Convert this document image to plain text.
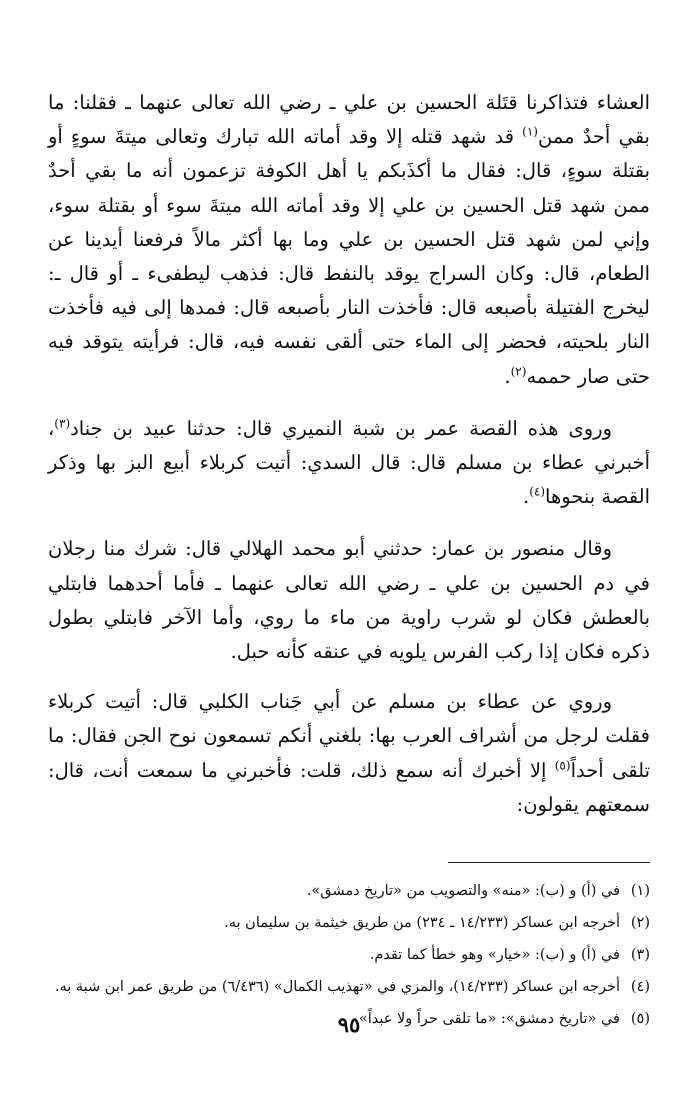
العشاء فتذاكرنا قتَلة الحسين بن علي ـ رضي الله تعالى عنهما ـ فقلنا: ما بقي أحدٌ ممن$^{(١)}$ قد شهد قتله إلا وقد أماته الله تبارك وتعالى ميتةَ سوءٍ أو بقتلة سوءٍ، قال: فقال ما أكذَبكم يا أهل الكوفة تزعمون أنه ما بقي أحدٌ ممن شهد قتل الحسين بن علي إلا وقد أماته الله ميتةَ سوء أو بقتلة سوء، وإني لمن شهد قتل الحسين بن علي وما بها أكثر مالاً فرفعنا أيدينا عن الطعام، قال: وكان السراج يوقد بالنفط قال: فذهب ليطفىء ـ أو قال ـ: ليخرج الفتيلة بأصبعه قال: فأخذت النار بأصبعه قال: فمدها إلى فيه فأخذت النار بلحيته، فحضر إلى الماء حتى ألقى نفسه فيه، قال: فرأيته يتوقد فيه حتى صار حممه$^{(٢)}$.

وروى هذه القصة عمر بن شبة النميري قال: حدثنا عبيد بن جناد$^{(٣)}$، أخبرني عطاء بن مسلم قال: قال السدي: أتيت كربلاء أبيع البز بها وذكر القصة بنحوها$^{(٤)}$.

وقال منصور بن عمار: حدثني أبو محمد الهلالي قال: شرك منا رجلان في دم الحسين بن علي ـ رضي الله تعالى عنهما ـ فأما أحدهما فابتلي بالعطش فكان لو شرب راوية من ماء ما روي، وأما الآخر فابتلي بطول ذكره فكان إذا ركب الفرس يلويه في عنقه كأنه حبل.

وروي عن عطاء بن مسلم عن أبي جَناب الكلبي قال: أتيت كربلاء فقلت لرجل من أشراف العرب بها: بلغني أنكم تسمعون نوح الجن فقال: ما تلقى أحداً$^{(٥)}$ إلا أخبرك أنه سمع ذلك، قلت: فأخبرني ما سمعت أنت، قال: سمعتهم يقولون:

(١)
في (أ) و (ب): «منه» والتصويب من «تاريخ دمشق».
(٢)
أخرجه ابن عساكر (١٤/٢٣٣ ـ ٢٣٤) من طريق خيثمة بن سليمان به.
(٣)
في (أ) و (ب): «خيار» وهو خطأ كما تقدم.
(٤)
أخرجه ابن عساكر (١٤/٢٣٣)، والمزي في «تهذيب الكمال» (٦/٤٣٦) من طريق عمر ابن شبة به.
(٥)
في «تاريخ دمشق»: «ما تلقى حراً ولا عبداً».
٩٥
